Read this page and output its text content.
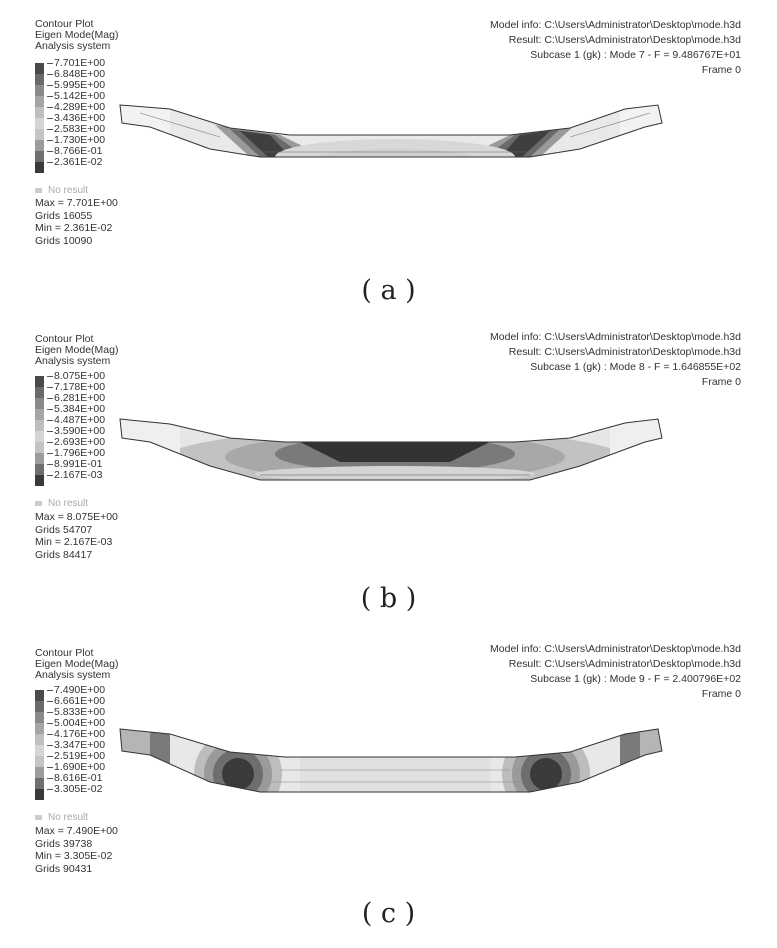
Contour Plot
Eigen Mode(Mag)
Analysis system
Model info: C:\Users\Administrator\Desktop\mode.h3d
Result: C:\Users\Administrator\Desktop\mode.h3d
Subcase 1 (gk) : Mode 7 - F = 9.486767E+01
Frame 0
7.701E+00
6.848E+00
5.995E+00
5.142E+00
4.289E+00
3.436E+00
2.583E+00
1.730E+00
8.766E-01
2.361E-02
No result
Max = 7.701E+00
Grids 16055
Min = 2.361E-02
Grids 10090
( a )
Contour Plot
Eigen Mode(Mag)
Analysis system
Model info: C:\Users\Administrator\Desktop\mode.h3d
Result: C:\Users\Administrator\Desktop\mode.h3d
Subcase 1 (gk) : Mode 8 - F = 1.646855E+02
Frame 0
8.075E+00
7.178E+00
6.281E+00
5.384E+00
4.487E+00
3.590E+00
2.693E+00
1.796E+00
8.991E-01
2.167E-03
No result
Max = 8.075E+00
Grids 54707
Min = 2.167E-03
Grids 84417
( b )
Contour Plot
Eigen Mode(Mag)
Analysis system
Model info: C:\Users\Administrator\Desktop\mode.h3d
Result: C:\Users\Administrator\Desktop\mode.h3d
Subcase 1 (gk) : Mode 9 - F = 2.400796E+02
Frame 0
7.490E+00
6.661E+00
5.833E+00
5.004E+00
4.176E+00
3.347E+00
2.519E+00
1.690E+00
8.616E-01
3.305E-02
No result
Max = 7.490E+00
Grids 39738
Min = 3.305E-02
Grids 90431
( c )
